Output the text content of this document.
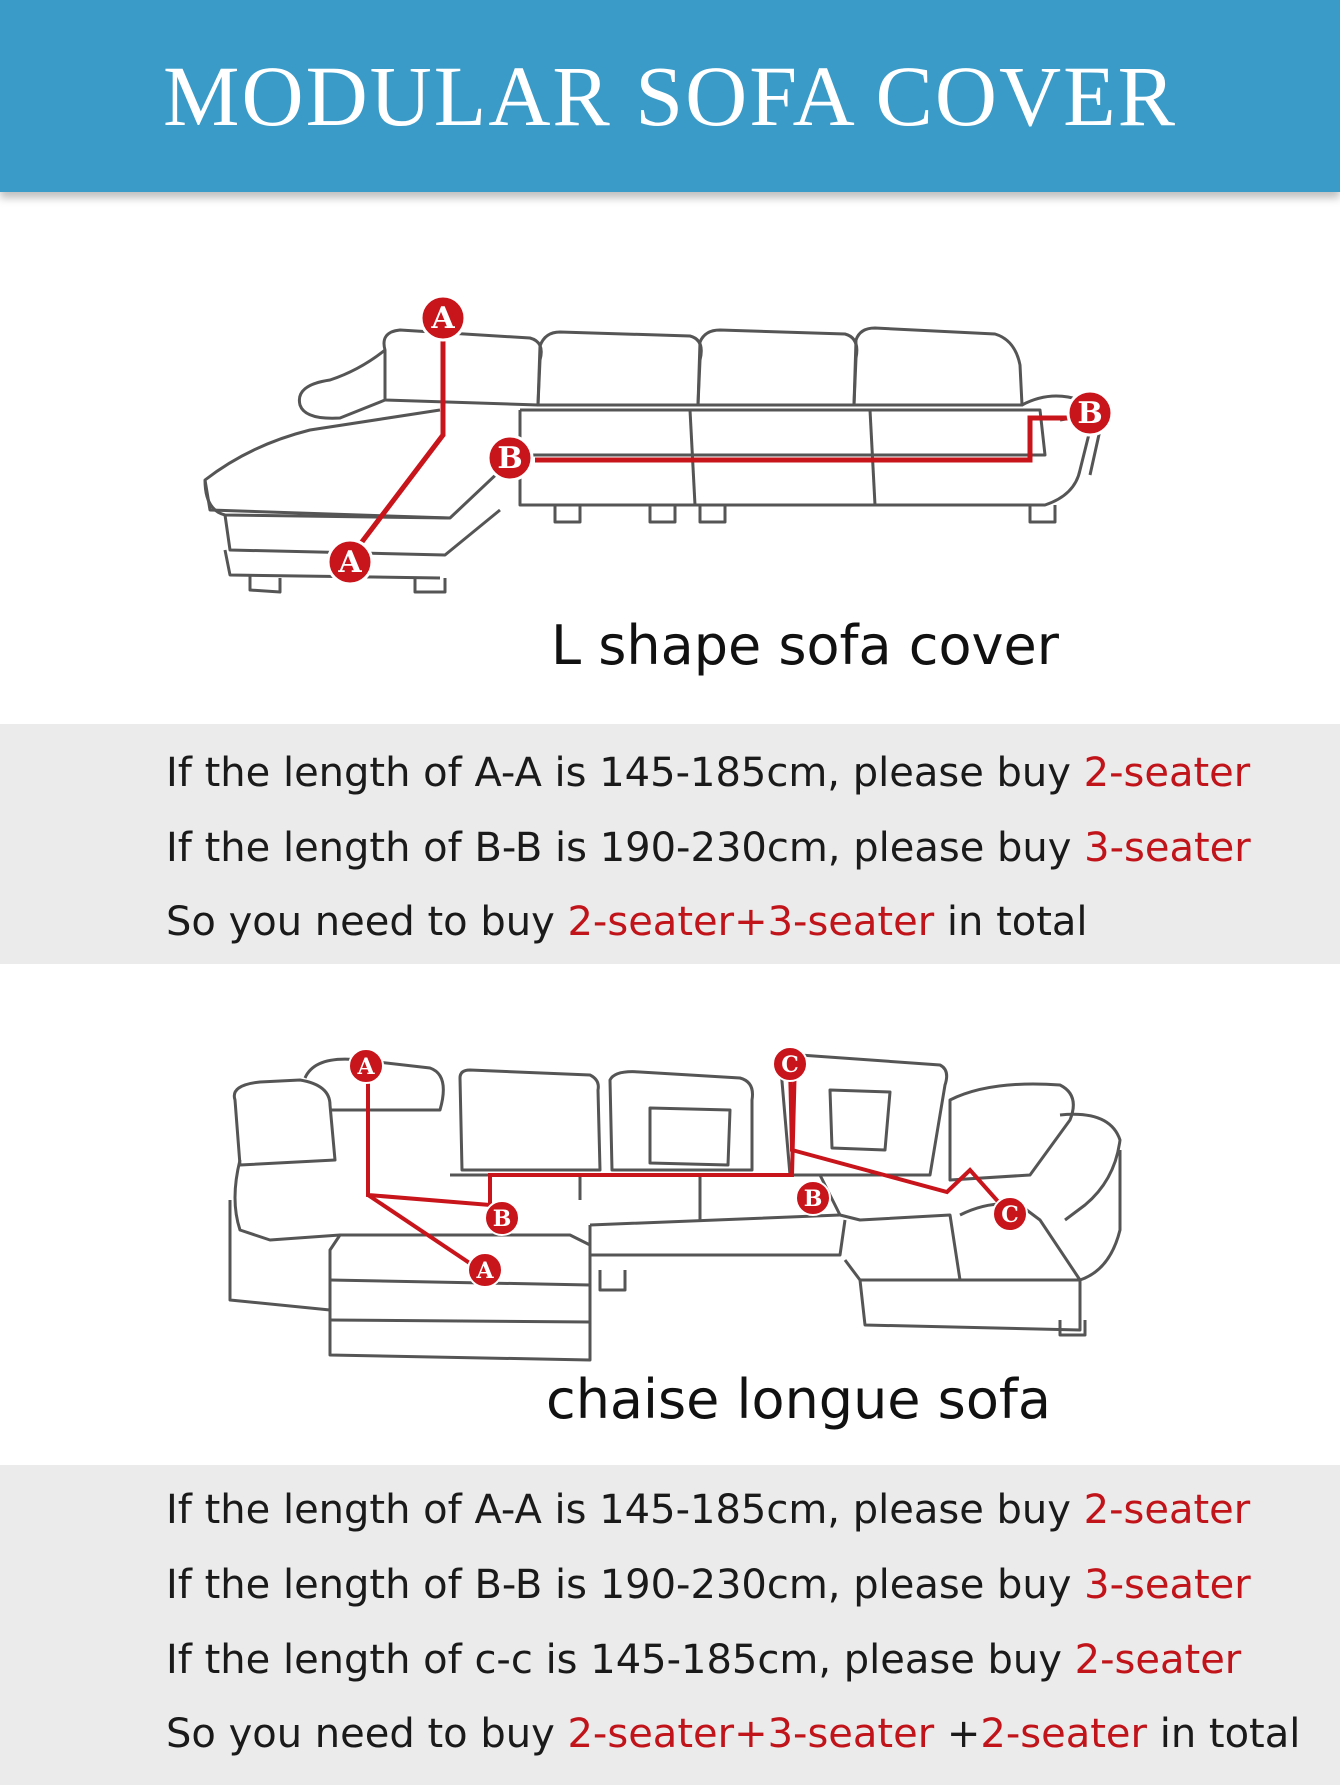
MODULAR SOFA COVER
A
A
B
B
L shape sofa cover
If the length of A-A is 145-185cm, please buy 2-seater
If the length of B-B is 190-230cm, please buy 3-seater
So you need to buy 2-seater+3-seater in total
A
A
B
B
C
C
chaise longue sofa
If the length of A-A is 145-185cm, please buy 2-seater
If the length of B-B is 190-230cm, please buy 3-seater
If the length of c-c is 145-185cm, please buy 2-seater
So you need to buy 2-seater+3-seater +2-seater in total
